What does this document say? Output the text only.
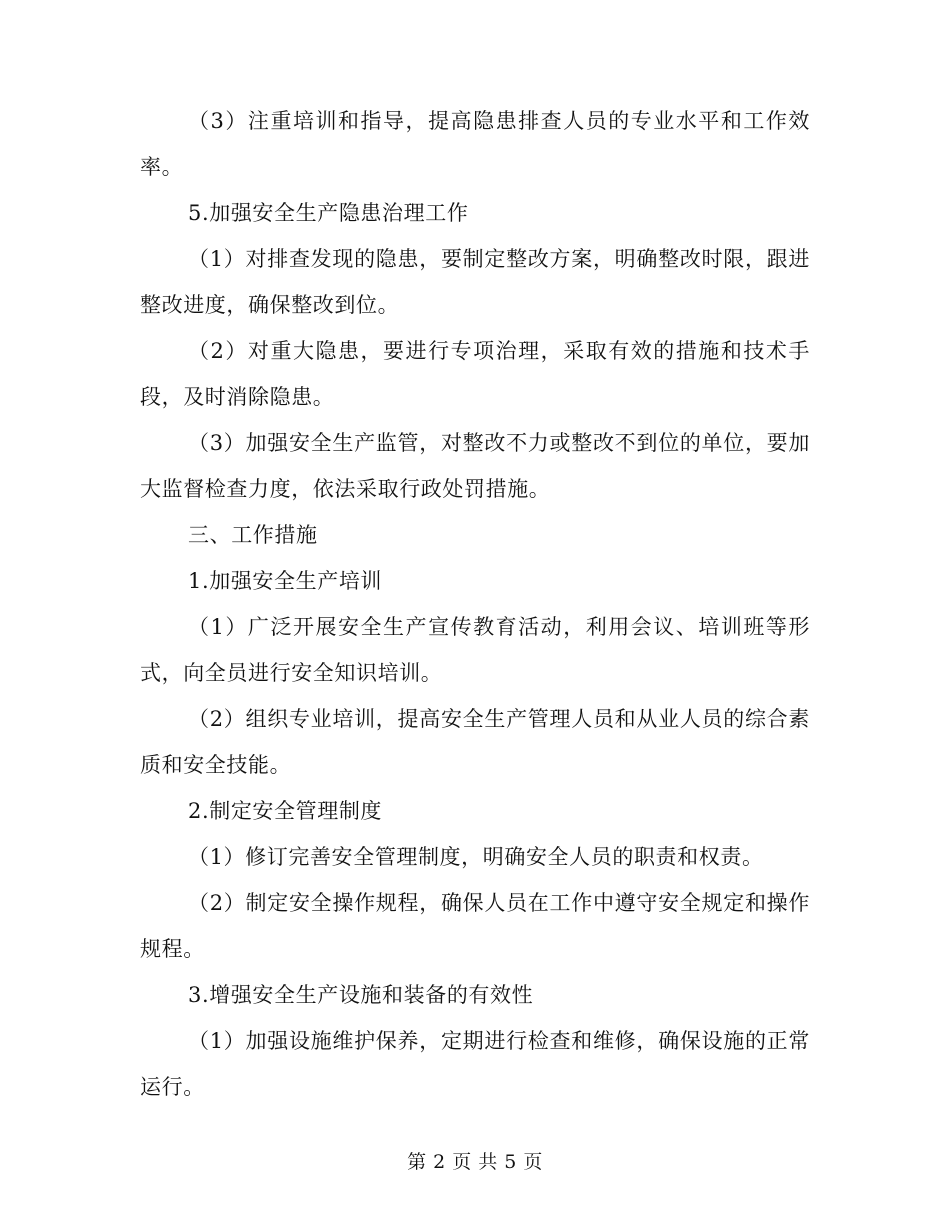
（3）注重培训和指导，提高隐患排查人员的专业水平和工作效率。

5.加强安全生产隐患治理工作

（1）对排查发现的隐患，要制定整改方案，明确整改时限，跟进整改进度，确保整改到位。

（2）对重大隐患，要进行专项治理，采取有效的措施和技术手段，及时消除隐患。

（3）加强安全生产监管，对整改不力或整改不到位的单位，要加大监督检查力度，依法采取行政处罚措施。

三、工作措施

1.加强安全生产培训

（1）广泛开展安全生产宣传教育活动，利用会议、培训班等形式，向全员进行安全知识培训。

（2）组织专业培训，提高安全生产管理人员和从业人员的综合素质和安全技能。

2.制定安全管理制度

（1）修订完善安全管理制度，明确安全人员的职责和权责。

（2）制定安全操作规程，确保人员在工作中遵守安全规定和操作规程。

3.增强安全生产设施和装备的有效性

（1）加强设施维护保养，定期进行检查和维修，确保设施的正常运行。

第 2 页 共 5 页
